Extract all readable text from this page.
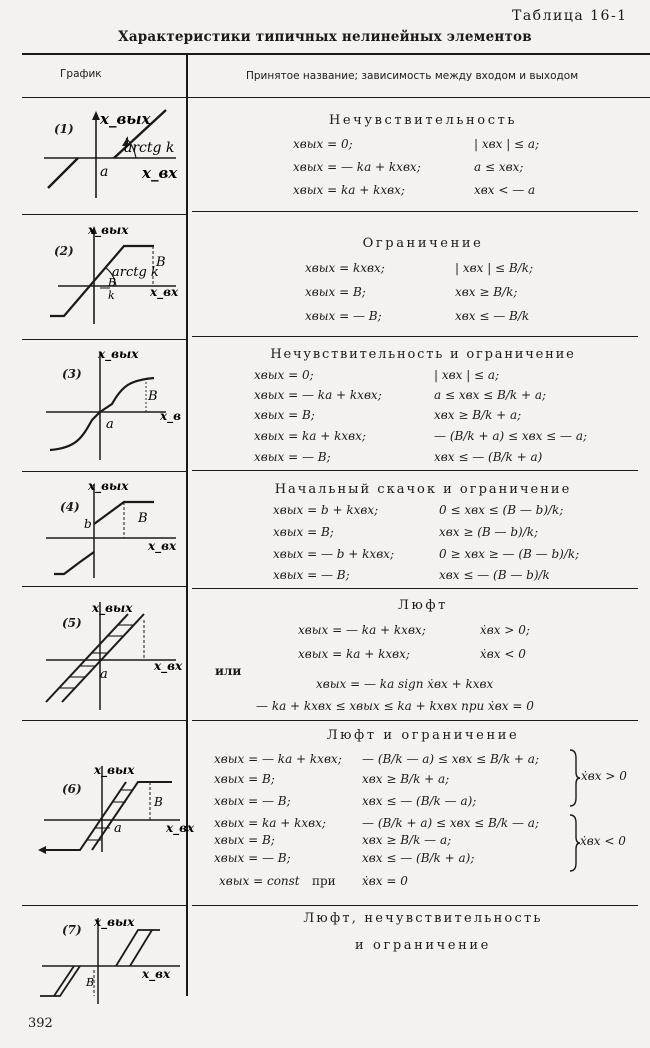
Таблица 16-1
Характеристики типичных нелинейных элементов
График	Принятое название; зависимость между входом и выходом
(1)
x_вых
arctg k
a x_вх
Нечувствительность
xвых = 0;	| xвх | ≤ a;
xвых = — ka + kxвх;	a ≤ xвх;
xвых = ka + kxвх;	xвх < — a
(2)
x_вых
arctg k
B
B
k	x_вх
Ограничение
xвых = kxвх;	| xвх | ≤ B/k;
xвых = B;	xвх ≥ B/k;
xвых = — B;	xвх ≤ — B/k
(3)
x_вых
B
a
x_в
Нечувствительность и ограничение
xвых = 0;	| xвх | ≤ a;
xвых = — ka + kxвх;	a ≤ xвх ≤ B/k + a;
xвых = B;	xвх ≥ B/k + a;
xвых = ka + kxвх;	— (B/k + a) ≤ xвх ≤ — a;
xвых = — B;	xвх ≤ — (B/k + a)
(4)
x_вых
b	B
x_вх
Начальный скачок и ограничение
xвых = b + kxвх;	0 ≤ xвх ≤ (B — b)/k;
xвых = B;	xвх ≥ (B — b)/k;
xвых = — b + kxвх;	0 ≥ xвх ≥ — (B — b)/k;
xвых = — B;	xвх ≤ — (B — b)/k
(5)
x_вых
a
x_вх
Люфт
xвых = — ka + kxвх;	ẋвх > 0;
xвых = ka + kxвх;	ẋвх < 0
или
xвых = — ka sign ẋвх + kxвх
— ka + kxвх ≤ xвых ≤ ka + kxвх при ẋвх = 0
(6)
x_вых
B
a	x_вх
Люфт и ограничение
xвых = — ka + kxвх; — (B/k — a) ≤ xвх ≤ B/k + a;
xвых = B;	xвх ≥ B/k + a;
xвых = — B;	xвх ≤ — (B/k — a);
xвых = ka + kxвх;	— (B/k + a) ≤ xвх ≤ B/k — a;
xвых = B;	xвх ≥ B/k — a;
xвых = — B;	xвх ≤ — (B/k + a);
ẋвх > 0
ẋвх < 0
xвых = const при ẋвх = 0
(7)
x_вых
B
x_вх
Люфт, нечувствительность
и ограничение
392
